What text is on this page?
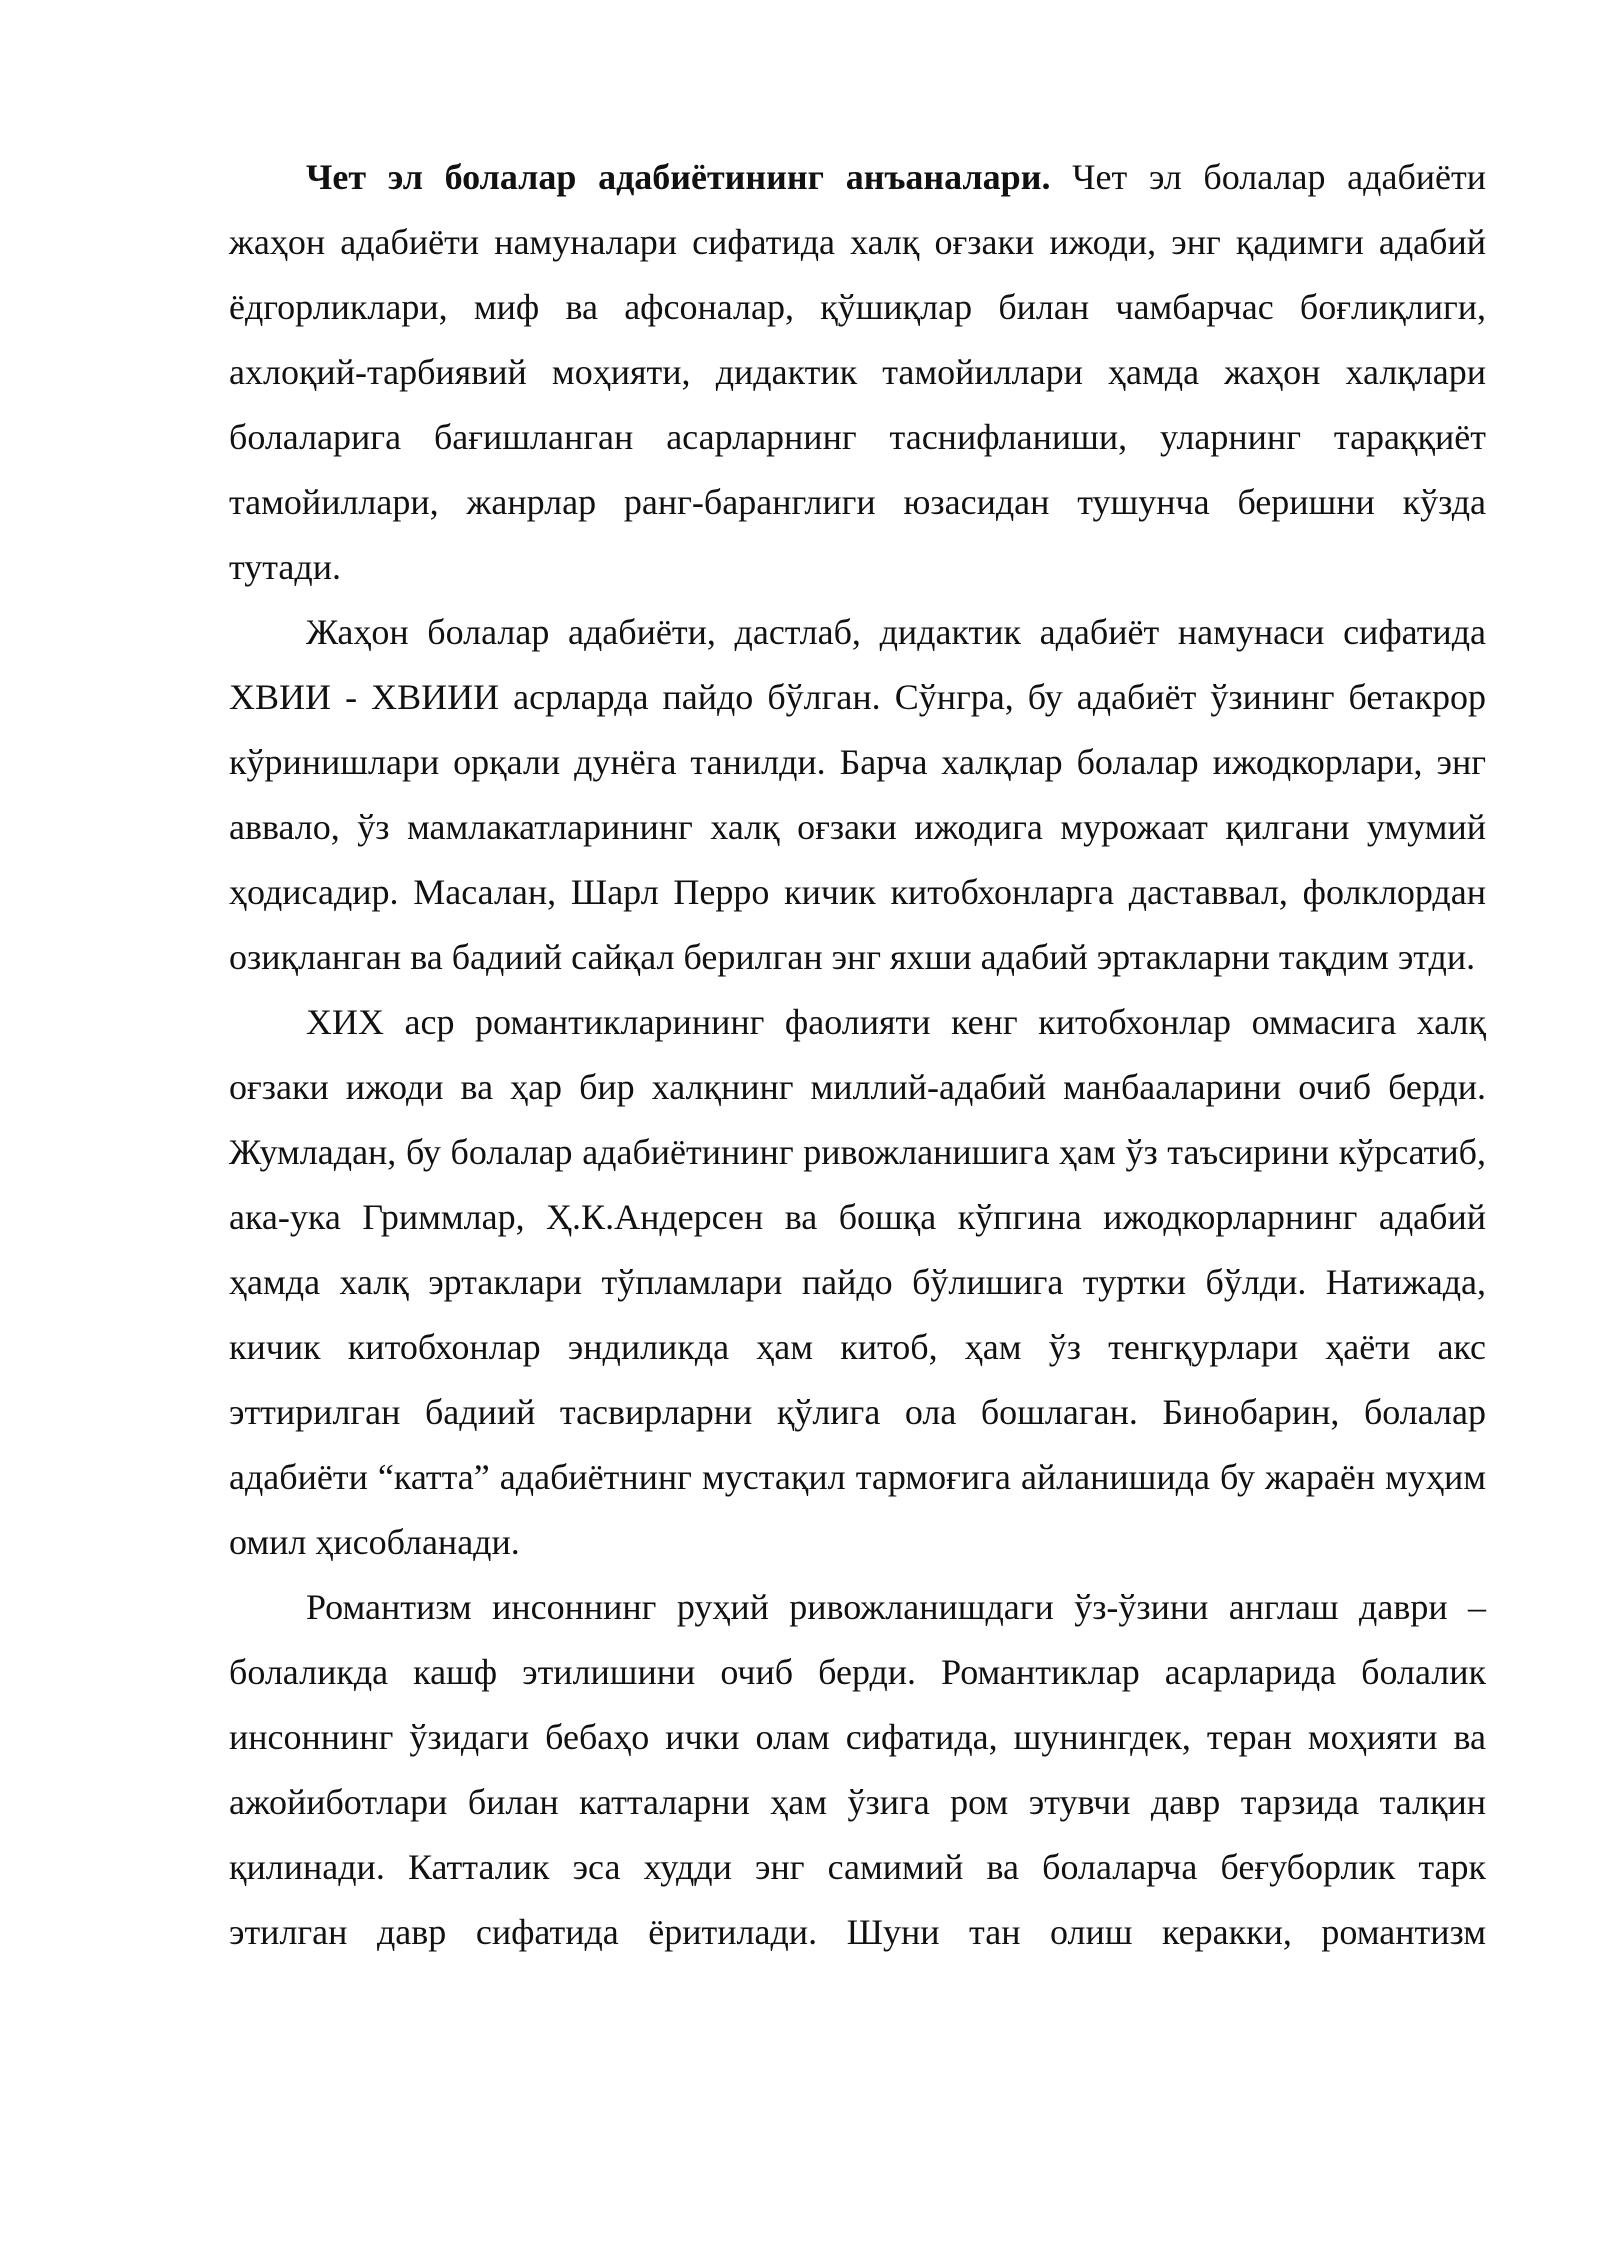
Чет эл болалар адабиётининг анъаналари. Чет эл болалар адабиёти жаҳон адабиёти намуналари сифатида халқ оғзаки ижоди, энг қадимги адабий ёдгорликлари, миф ва афсоналар, қўшиқлар билан чамбарчас боғлиқлиги, ахлоқий-тарбиявий моҳияти, дидактик тамойиллари ҳамда жаҳон халқлари болаларига бағишланган асарларнинг таснифланиши, уларнинг тараққиёт тамойиллари, жанрлар ранг-баранглиги юзасидан тушунча беришни кўзда тутади.

Жаҳон болалар адабиёти, дастлаб, дидактик адабиёт намунаси сифатида ХВИИ - ХВИИИ асрларда пайдо бўлган. Сўнгра, бу адабиёт ўзининг бетакрор кўринишлари орқали дунёга танилди. Барча халқлар болалар ижодкорлари, энг аввало, ўз мамлакатларининг халқ оғзаки ижодига мурожаат қилгани умумий ҳодисадир. Масалан, Шарл Перро кичик китобхонларга даставвал, фолклордан озиқланган ва бадиий сайқал берилган энг яхши адабий эртакларни тақдим этди.

ХИХ аср романтикларининг фаолияти кенг китобхонлар оммасига халқ оғзаки ижоди ва ҳар бир халқнинг миллий-адабий манбааларини очиб берди. Жумладан, бу болалар адабиётининг ривожланишига ҳам ўз таъсирини кўрсатиб, ака-ука Гриммлар, Ҳ.К.Андерсен ва бошқа кўпгина ижодкорларнинг адабий ҳамда халқ эртаклари тўпламлари пайдо бўлишига туртки бўлди. Натижада, кичик китобхонлар эндиликда ҳам китоб, ҳам ўз тенгқурлари ҳаёти акс эттирилган бадиий тасвирларни қўлига ола бошлаган. Бинобарин, болалар адабиёти “катта” адабиётнинг мустақил тармоғига айланишида бу жараён муҳим омил ҳисобланади.

Романтизм инсоннинг руҳий ривожланишдаги ўз-ўзини англаш даври – болаликда кашф этилишини очиб берди. Романтиклар асарларида болалик инсоннинг ўзидаги бебаҳо ички олам сифатида, шунингдек, теран моҳияти ва ажойиботлари билан катталарни ҳам ўзига ром этувчи давр тарзида талқин қилинади. Катталик эса худди энг самимий ва болаларча беғуборлик тарк этилган давр сифатида ёритилади. Шуни тан олиш керакки, романтизм
